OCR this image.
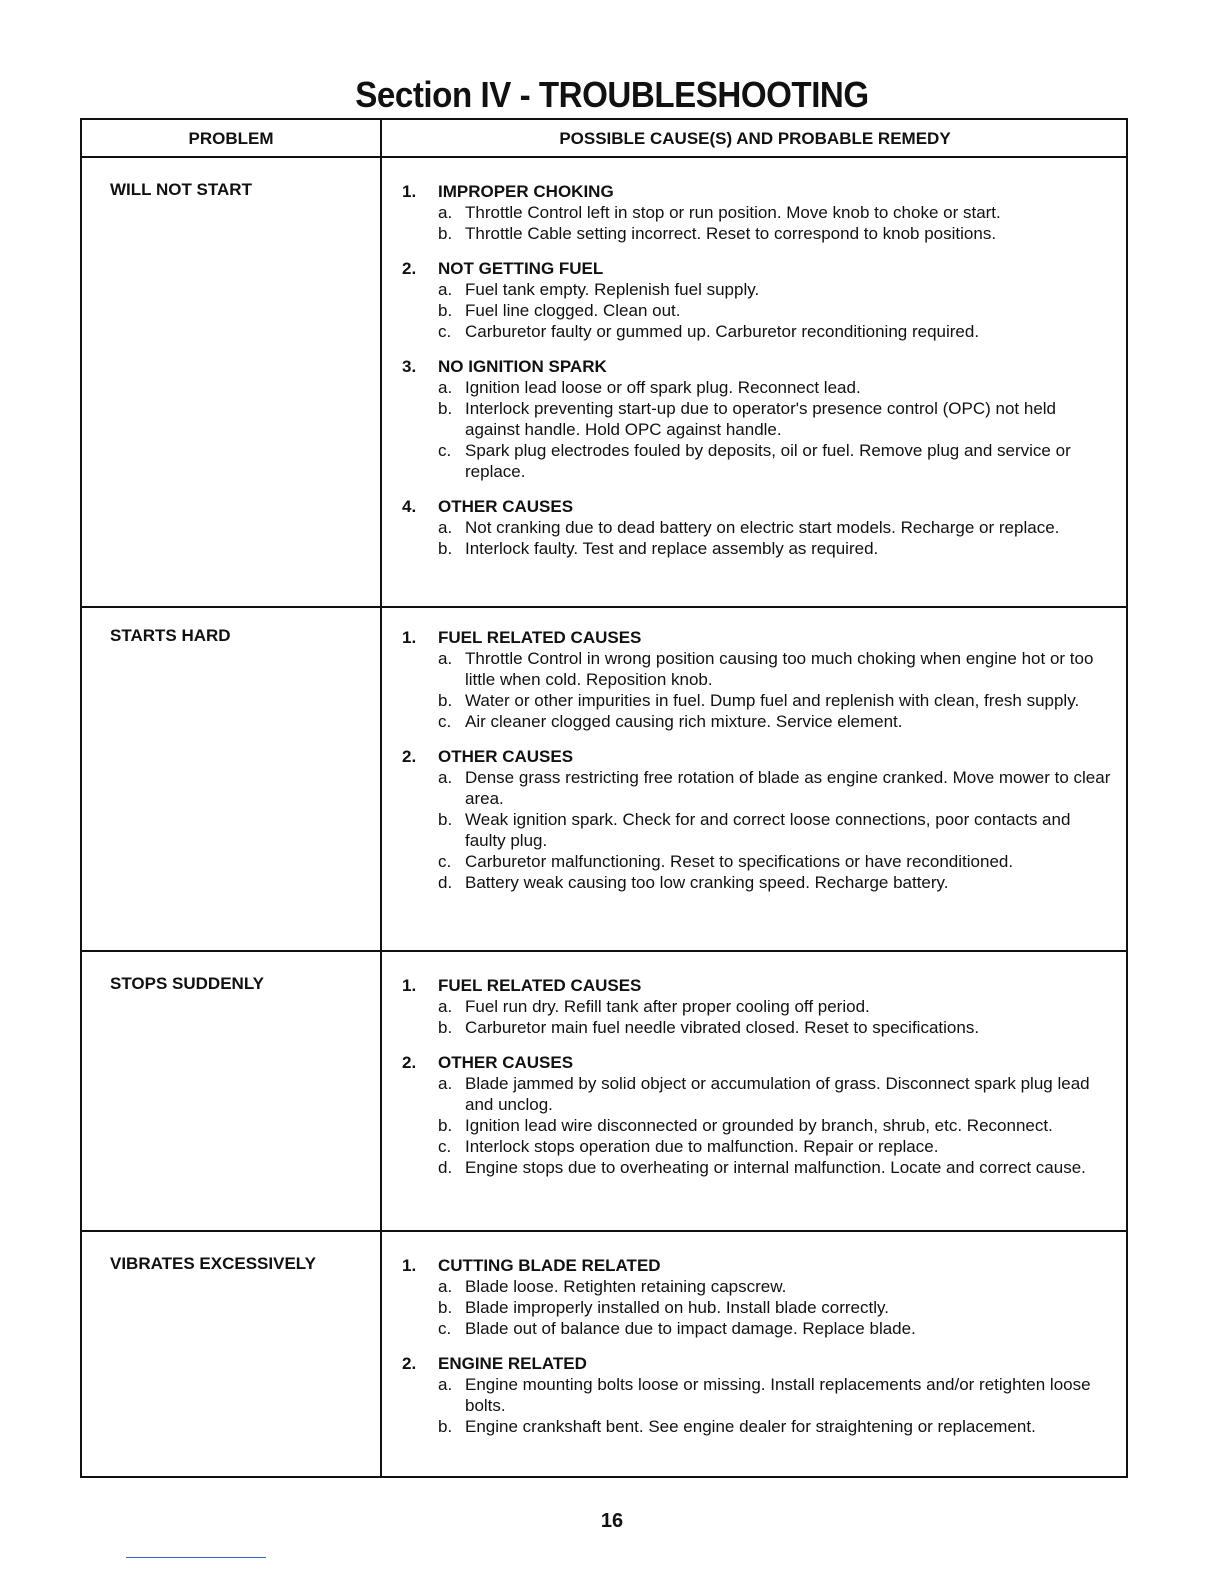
Section IV - TROUBLESHOOTING
PROBLEM	POSSIBLE CAUSE(S) AND PROBABLE REMEDY
WILL NOT START	1.	IMPROPER CHOKING
a. Throttle Control left in stop or run position. Move knob to choke or start.
b. Throttle Cable setting incorrect. Reset to correspond to knob positions.
2.	NOT GETTING FUEL
a. Fuel tank empty. Replenish fuel supply.
b. Fuel line clogged. Clean out.
c. Carburetor faulty or gummed up. Carburetor reconditioning required.
3.	NO IGNITION SPARK
a. Ignition lead loose or off spark plug. Reconnect lead.
b. Interlock preventing start-up due to operator's presence control (OPC) not held against handle. Hold OPC against handle.
c. Spark plug electrodes fouled by deposits, oil or fuel. Remove plug and service or replace.
4.	OTHER CAUSES
a. Not cranking due to dead battery on electric start models. Recharge or replace.
b. Interlock faulty. Test and replace assembly as required.
STARTS HARD	1.	FUEL RELATED CAUSES
a. Throttle Control in wrong position causing too much choking when engine hot or too little when cold. Reposition knob.
b. Water or other impurities in fuel. Dump fuel and replenish with clean, fresh supply.
c. Air cleaner clogged causing rich mixture. Service element.
2.	OTHER CAUSES
a. Dense grass restricting free rotation of blade as engine cranked. Move mower to clear area.
b. Weak ignition spark. Check for and correct loose connections, poor contacts and faulty plug.
c. Carburetor malfunctioning. Reset to specifications or have reconditioned.
d. Battery weak causing too low cranking speed. Recharge battery.
STOPS SUDDENLY	1.	FUEL RELATED CAUSES
a. Fuel run dry. Refill tank after proper cooling off period.
b. Carburetor main fuel needle vibrated closed. Reset to specifications.
2.	OTHER CAUSES
a. Blade jammed by solid object or accumulation of grass. Disconnect spark plug lead and unclog.
b. Ignition lead wire disconnected or grounded by branch, shrub, etc. Reconnect.
c. Interlock stops operation due to malfunction. Repair or replace.
d. Engine stops due to overheating or internal malfunction. Locate and correct cause.
VIBRATES EXCESSIVELY	1.	CUTTING BLADE RELATED
a. Blade loose. Retighten retaining capscrew.
b. Blade improperly installed on hub. Install blade correctly.
c. Blade out of balance due to impact damage. Replace blade.
2.	ENGINE RELATED
a. Engine mounting bolts loose or missing. Install replacements and/or retighten loose bolts.
b. Engine crankshaft bent. See engine dealer for straightening or replacement.
16
